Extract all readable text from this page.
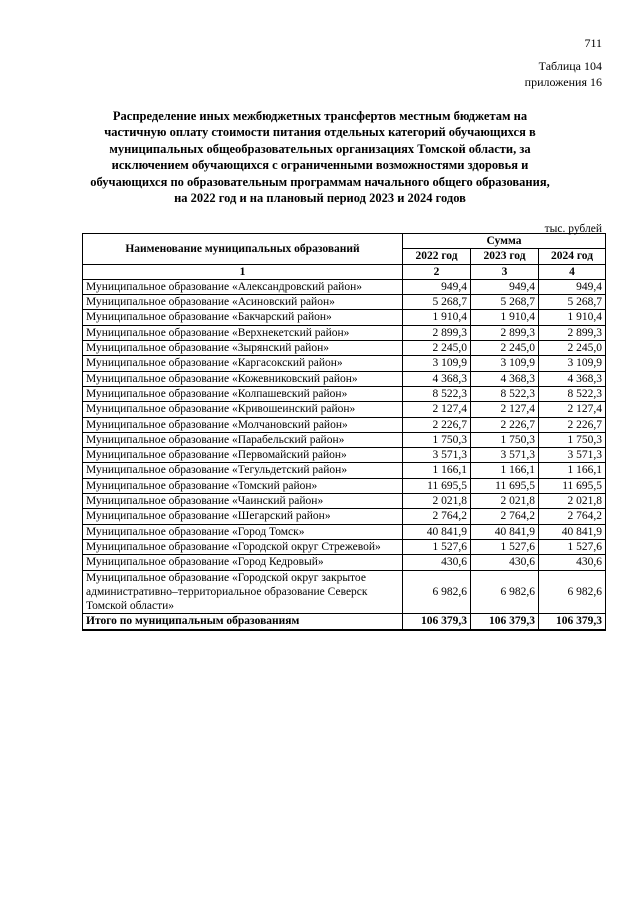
711
Таблица 104
приложения 16
Распределение иных межбюджетных трансфертов местным бюджетам на частичную оплату стоимости питания отдельных категорий обучающихся в муниципальных общеобразовательных организациях Томской области, за исключением обучающихся с ограниченными возможностями здоровья и обучающихся по образовательным программам начального общего образования, на 2022 год и на плановый период 2023 и 2024 годов
тыс. рублей
Наименование муниципальных образований	Сумма		
	2022 год	2023 год	2024 год
1	2	3	4
Муниципальное образование «Александровский район»	949,4	949,4	949,4
Муниципальное образование «Асиновский район»	5 268,7	5 268,7	5 268,7
Муниципальное образование «Бакчарский район»	1 910,4	1 910,4	1 910,4
Муниципальное образование «Верхнекетский район»	2 899,3	2 899,3	2 899,3
Муниципальное образование «Зырянский район»	2 245,0	2 245,0	2 245,0
Муниципальное образование «Каргасокский район»	3 109,9	3 109,9	3 109,9
Муниципальное образование «Кожевниковский район»	4 368,3	4 368,3	4 368,3
Муниципальное образование «Колпашевский район»	8 522,3	8 522,3	8 522,3
Муниципальное образование «Кривошеинский район»	2 127,4	2 127,4	2 127,4
Муниципальное образование «Молчановский район»	2 226,7	2 226,7	2 226,7
Муниципальное образование «Парабельский район»	1 750,3	1 750,3	1 750,3
Муниципальное образование «Первомайский район»	3 571,3	3 571,3	3 571,3
Муниципальное образование «Тегульдетский район»	1 166,1	1 166,1	1 166,1
Муниципальное образование «Томский район»	11 695,5	11 695,5	11 695,5
Муниципальное образование «Чаинский район»	2 021,8	2 021,8	2 021,8
Муниципальное образование «Шегарский район»	2 764,2	2 764,2	2 764,2
Муниципальное образование «Город Томск»	40 841,9	40 841,9	40 841,9
Муниципальное образование «Городской округ Стрежевой»	1 527,6	1 527,6	1 527,6
Муниципальное образование «Город Кедровый»	430,6	430,6	430,6
Муниципальное образование «Городской округ закрытое административно–территориальное образование Северск Томской области»	6 982,6	6 982,6	6 982,6
Итого по муниципальным образованиям	106 379,3	106 379,3	106 379,3
